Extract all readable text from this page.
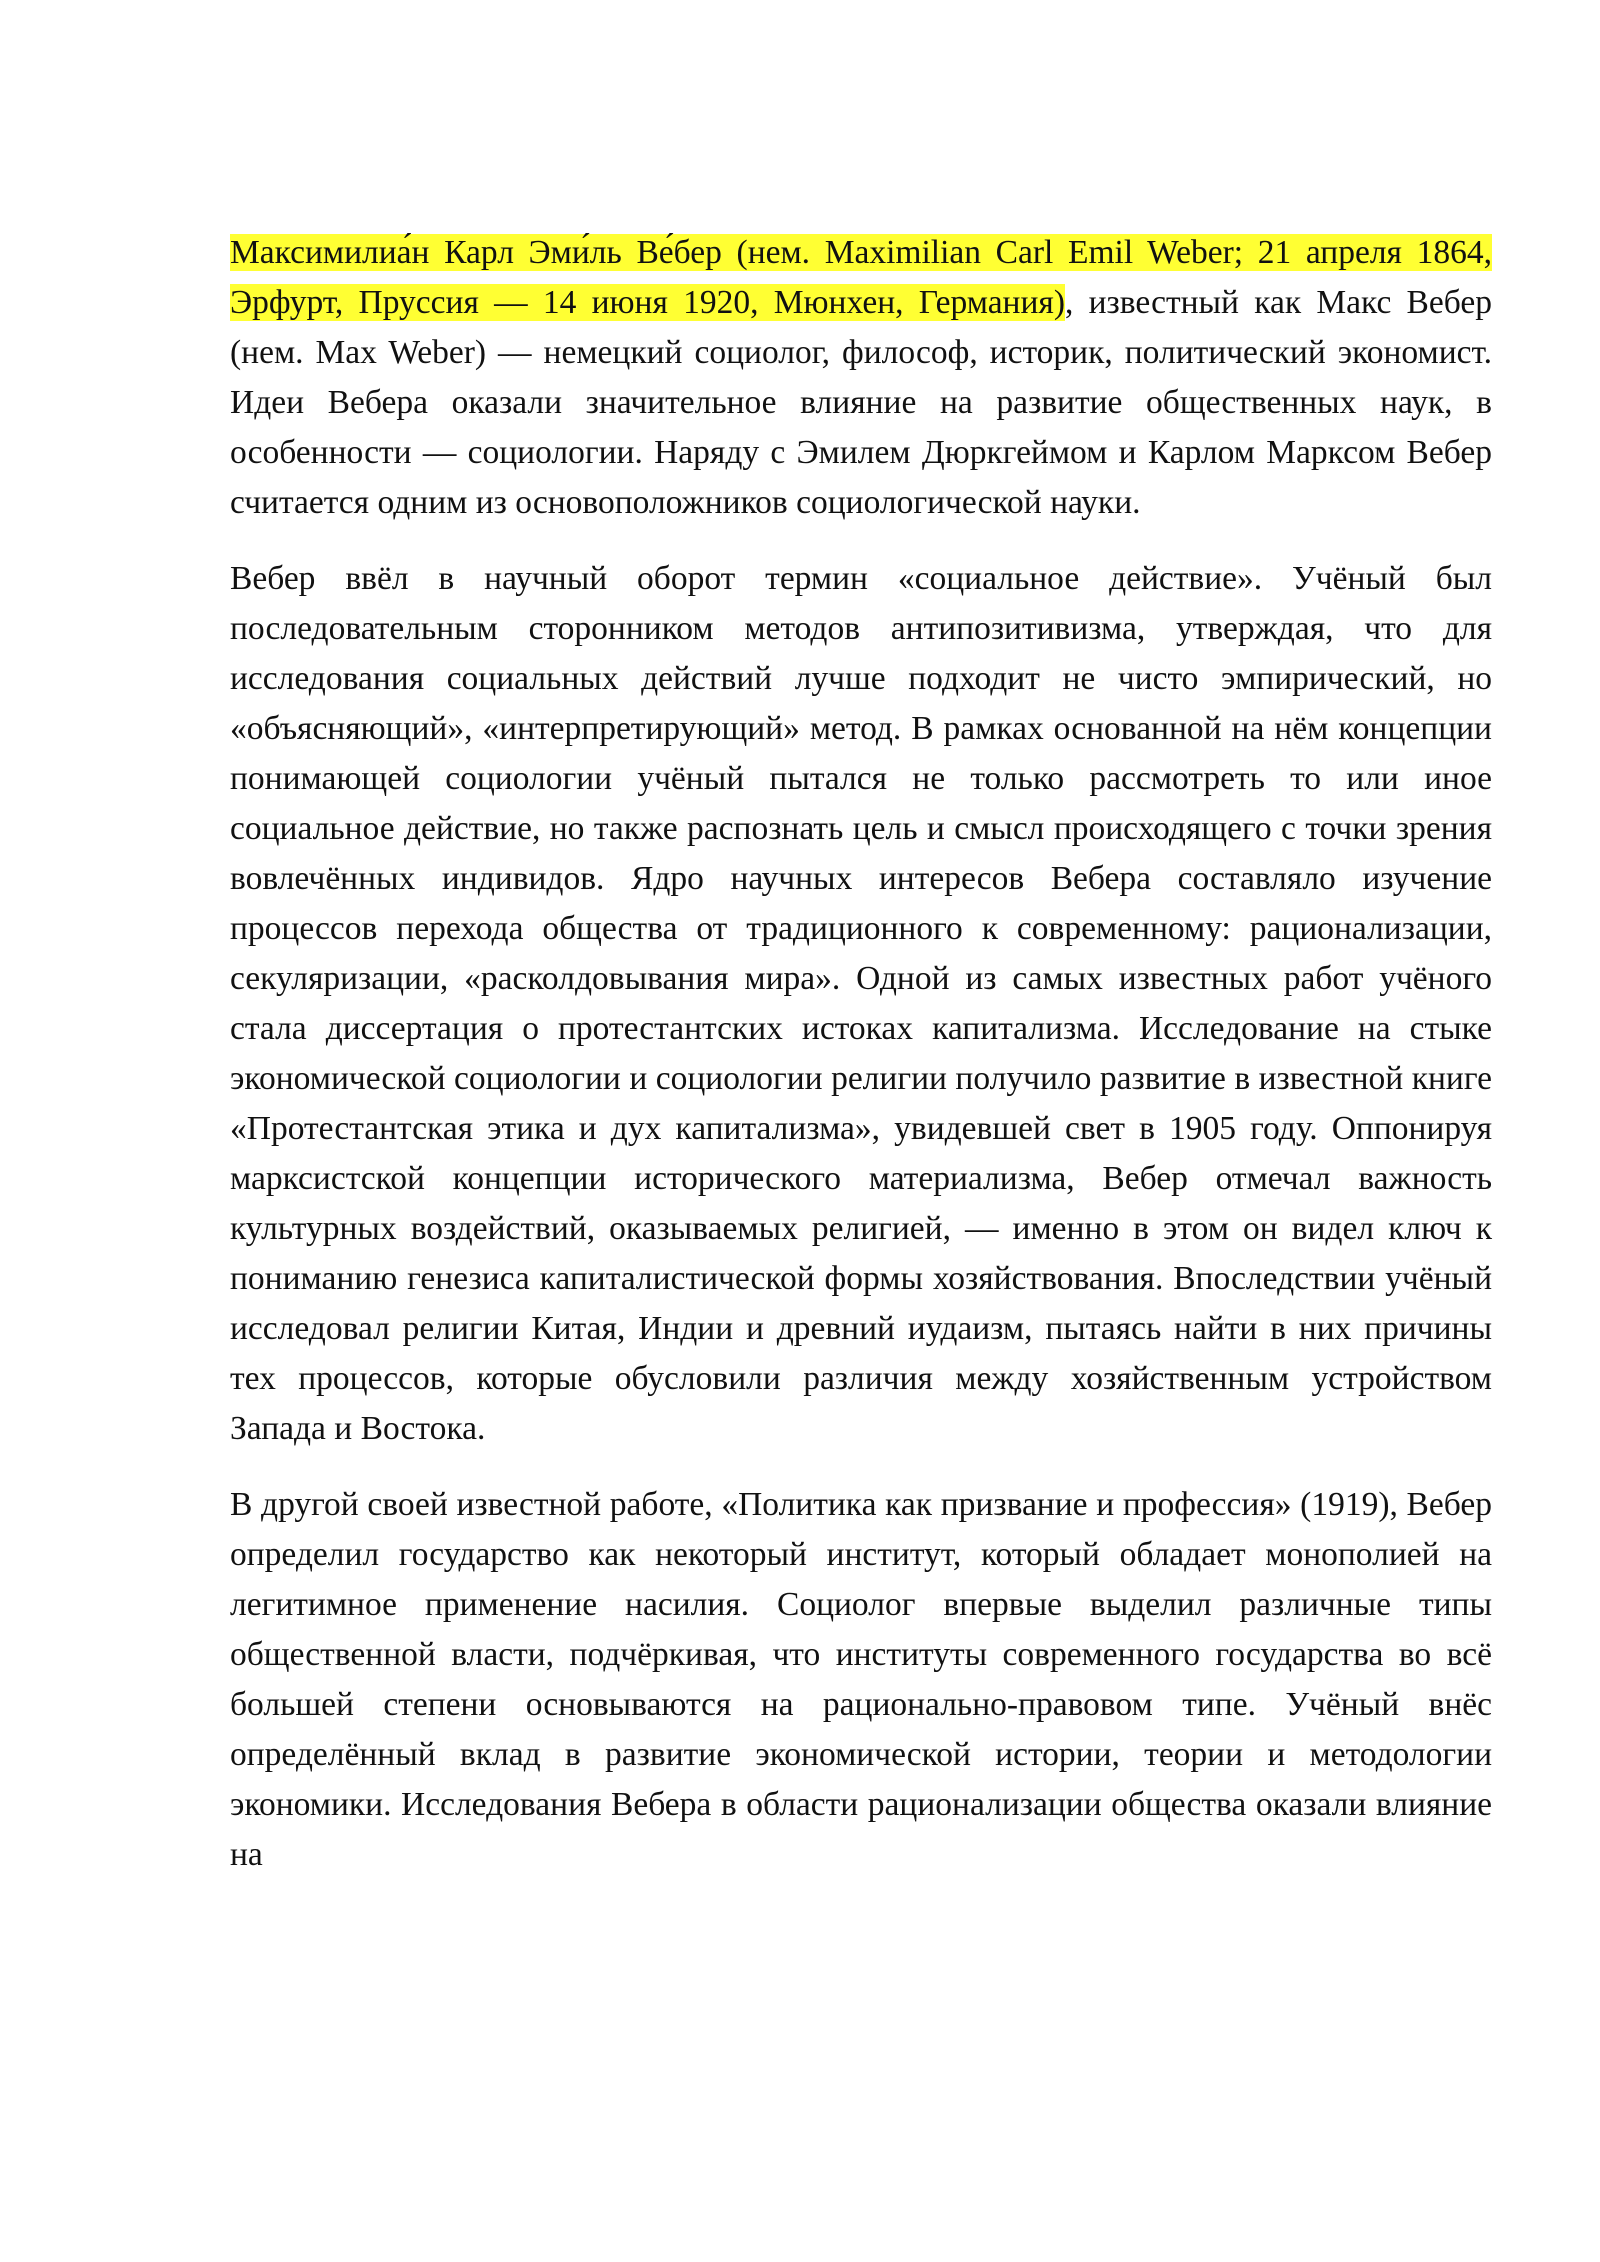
Максимилиа́н Карл Эми́ль Ве́бер (нем. Maximilian Carl Emil Weber; 21 апреля 1864, Эрфурт, Пруссия — 14 июня 1920, Мюнхен, Германия), известный как Макс Вебер (нем. Max Weber) — немецкий социолог, философ, историк, политический экономист. Идеи Вебера оказали значительное влияние на развитие общественных наук, в особенности — социологии. Наряду с Эмилем Дюркгеймом и Карлом Марксом Вебер считается одним из основоположников социологической науки.

Вебер ввёл в научный оборот термин «социальное действие». Учёный был последовательным сторонником методов антипозитивизма, утверждая, что для исследования социальных действий лучше подходит не чисто эмпирический, но «объясняющий», «интерпретирующий» метод. В рамках основанной на нём концепции понимающей социологии учёный пытался не только рассмотреть то или иное социальное действие, но также распознать цель и смысл происходящего с точки зрения вовлечённых индивидов. Ядро научных интересов Вебера составляло изучение процессов перехода общества от традиционного к современному: рационализации, секуляризации, «расколдовывания мира». Одной из самых известных работ учёного стала диссертация о протестантских истоках капитализма. Исследование на стыке экономической социологии и социологии религии получило развитие в известной книге «Протестантская этика и дух капитализма», увидевшей свет в 1905 году. Оппонируя марксистской концепции исторического материализма, Вебер отмечал важность культурных воздействий, оказываемых религией, — именно в этом он видел ключ к пониманию генезиса капиталистической формы хозяйствования. Впоследствии учёный исследовал религии Китая, Индии и древний иудаизм, пытаясь найти в них причины тех процессов, которые обусловили различия между хозяйственным устройством Запада и Востока.

В другой своей известной работе, «Политика как призвание и профессия» (1919), Вебер определил государство как некоторый институт, который обладает монополией на легитимное применение насилия. Социолог впервые выделил различные типы общественной власти, подчёркивая, что институты современного государства во всё большей степени основываются на рационально-правовом типе. Учёный внёс определённый вклад в развитие экономической истории, теории и методологии экономики. Исследования Вебера в области рационализации общества оказали влияние на
